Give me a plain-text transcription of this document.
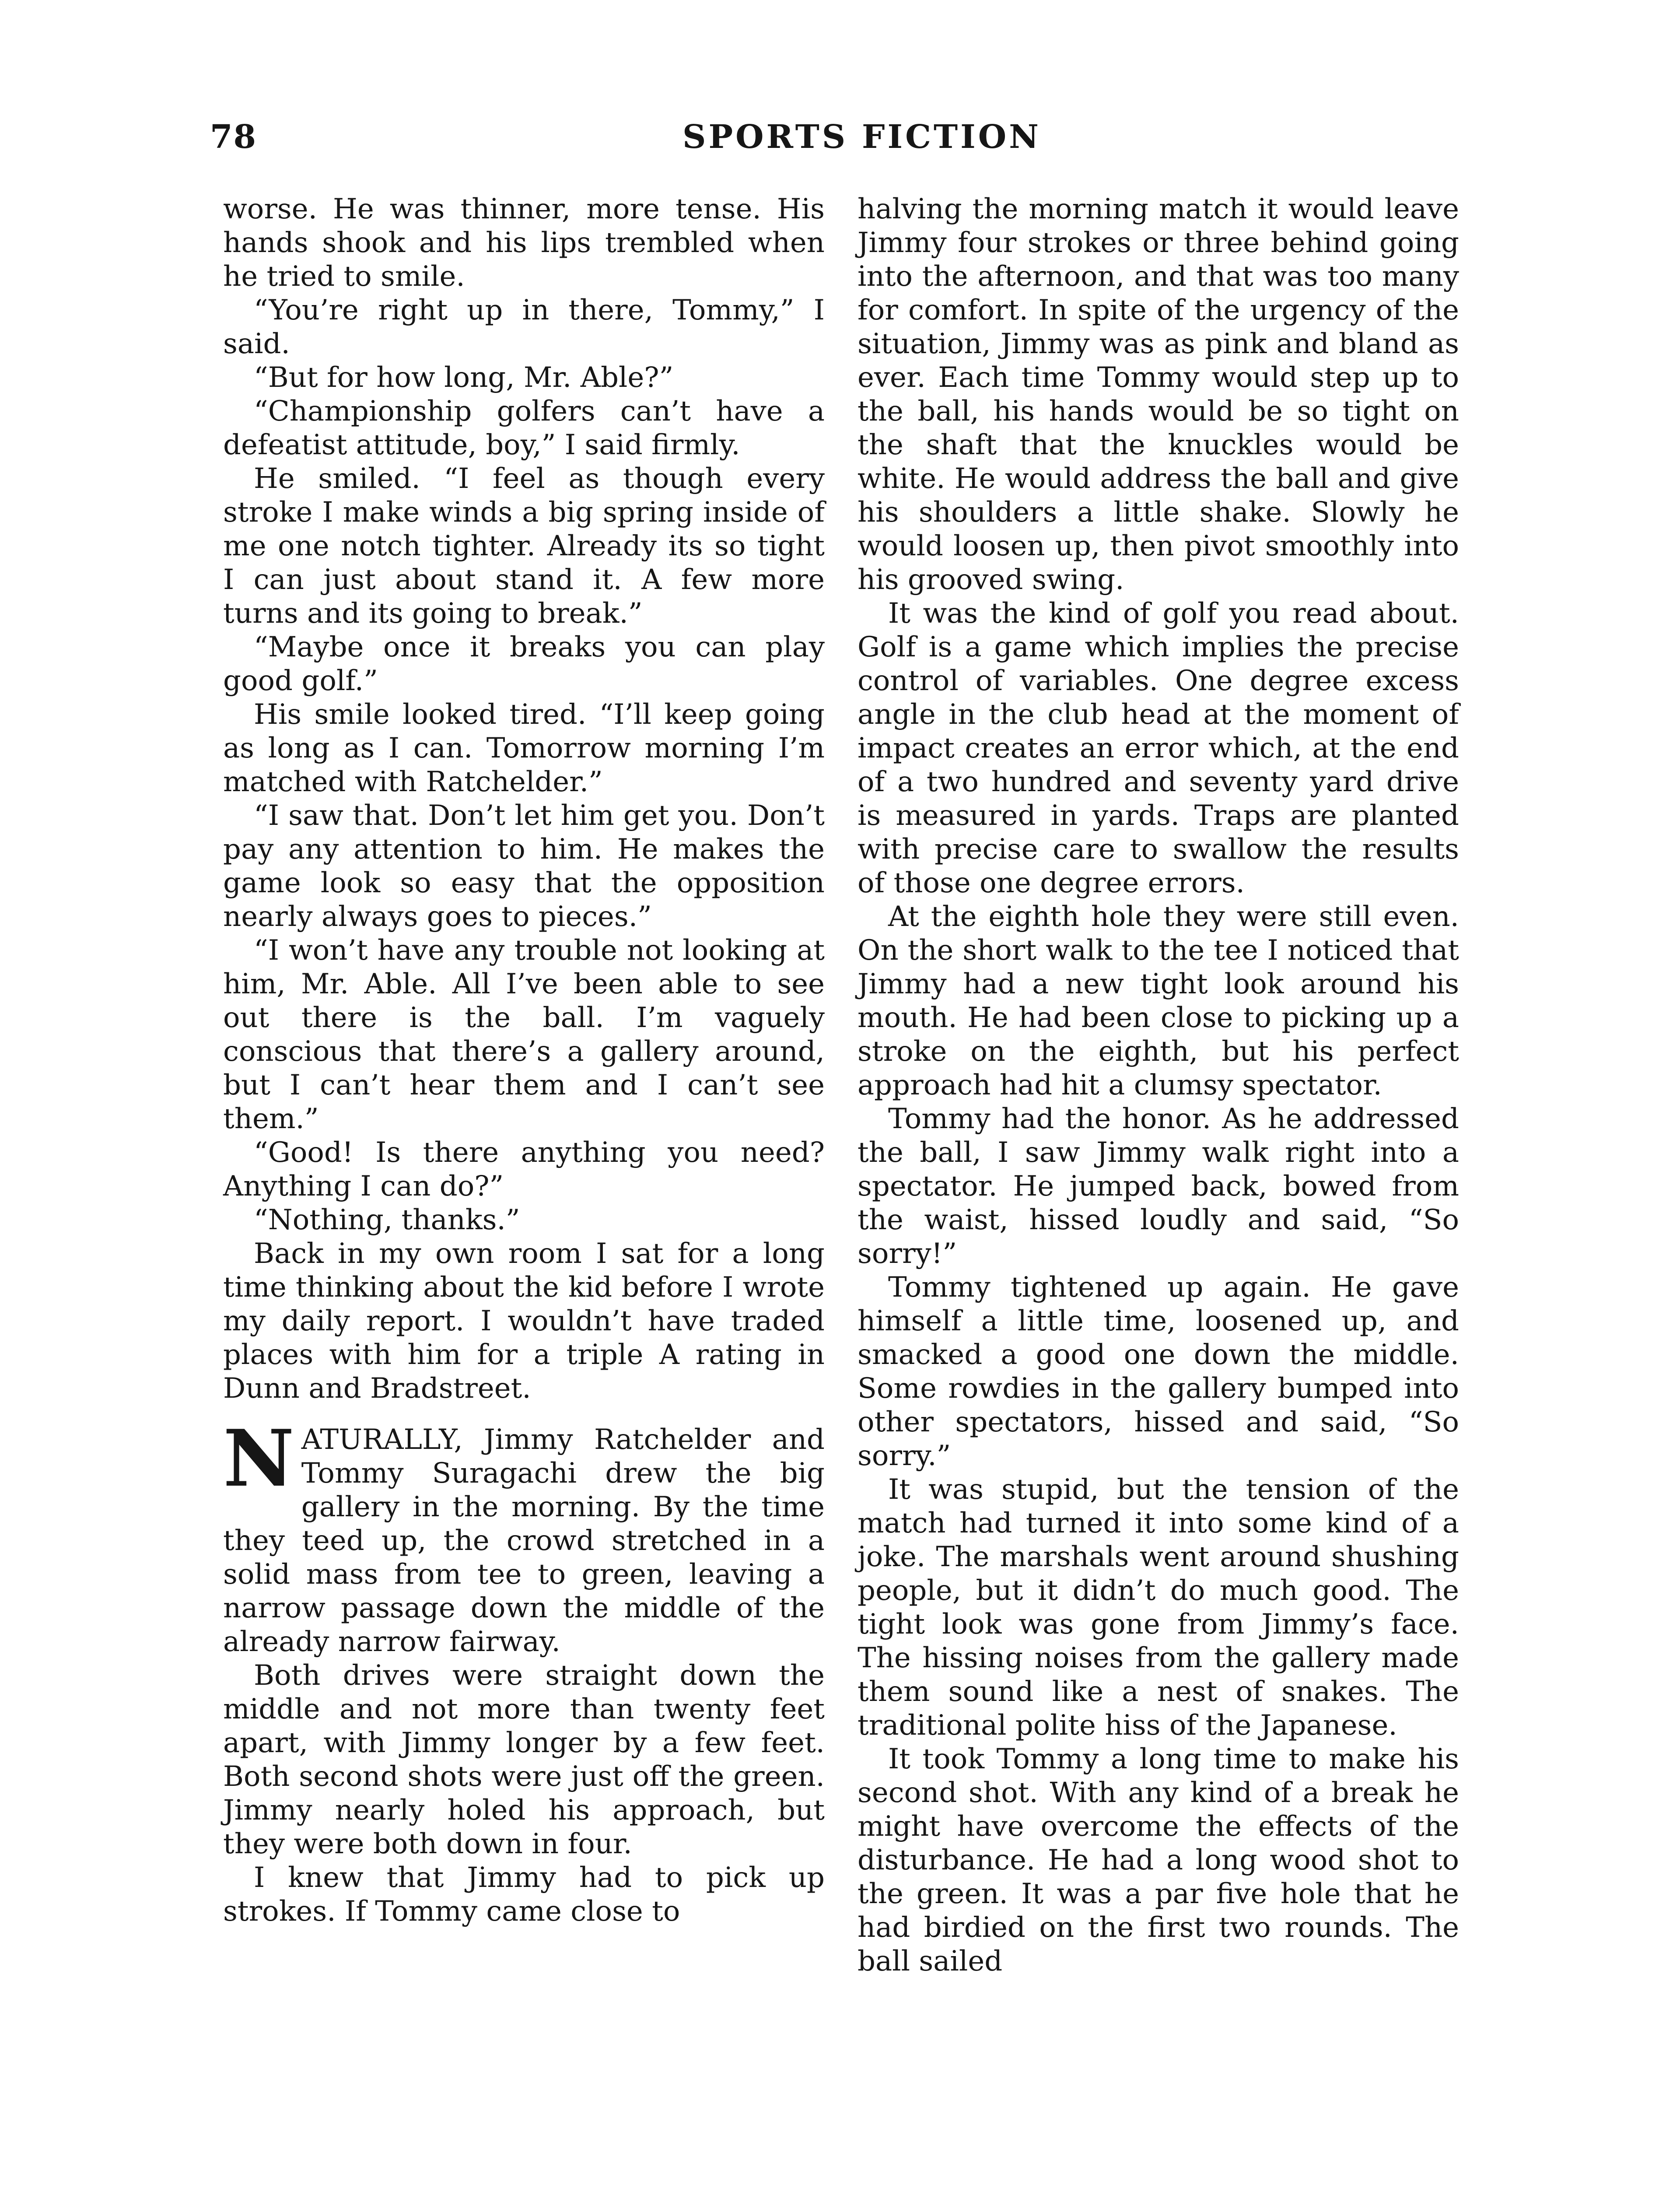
78	SPORTS FICTION

worse. He was thinner, more tense. His hands shook and his lips trembled when he tried to smile.

“You’re right up in there, Tommy,” I said.

“But for how long, Mr. Able?”

“Championship golfers can’t have a defeatist attitude, boy,” I said firmly.

He smiled. “I feel as though every stroke I make winds a big spring inside of me one notch tighter. Already its so tight I can just about stand it. A few more turns and its going to break.”

“Maybe once it breaks you can play good golf.”

His smile looked tired. “I’ll keep going as long as I can. Tomorrow morning I’m matched with Ratchelder.”

“I saw that. Don’t let him get you. Don’t pay any attention to him. He makes the game look so easy that the opposition nearly always goes to pieces.”

“I won’t have any trouble not looking at him, Mr. Able. All I’ve been able to see out there is the ball. I’m vaguely conscious that there’s a gallery around, but I can’t hear them and I can’t see them.”

“Good! Is there anything you need? Anything I can do?”

“Nothing, thanks.”

Back in my own room I sat for a long time thinking about the kid before I wrote my daily report. I wouldn’t have traded places with him for a triple A rating in Dunn and Bradstreet.

NATURALLY, Jimmy Ratchelder and Tommy Suragachi drew the big gallery in the morning. By the time they teed up, the crowd stretched in a solid mass from tee to green, leaving a narrow passage down the middle of the already narrow fairway.

Both drives were straight down the middle and not more than twenty feet apart, with Jimmy longer by a few feet. Both second shots were just off the green. Jimmy nearly holed his approach, but they were both down in four.

I knew that Jimmy had to pick up strokes. If Tommy came close to

halving the morning match it would leave Jimmy four strokes or three behind going into the afternoon, and that was too many for comfort. In spite of the urgency of the situation, Jimmy was as pink and bland as ever. Each time Tommy would step up to the ball, his hands would be so tight on the shaft that the knuckles would be white. He would address the ball and give his shoulders a little shake. Slowly he would loosen up, then pivot smoothly into his grooved swing.

It was the kind of golf you read about. Golf is a game which implies the precise control of variables. One degree excess angle in the club head at the moment of impact creates an error which, at the end of a two hundred and seventy yard drive is measured in yards. Traps are planted with precise care to swallow the results of those one degree errors.

At the eighth hole they were still even. On the short walk to the tee I noticed that Jimmy had a new tight look around his mouth. He had been close to picking up a stroke on the eighth, but his perfect approach had hit a clumsy spectator.

Tommy had the honor. As he addressed the ball, I saw Jimmy walk right into a spectator. He jumped back, bowed from the waist, hissed loudly and said, “So sorry!”

Tommy tightened up again. He gave himself a little time, loosened up, and smacked a good one down the middle. Some rowdies in the gallery bumped into other spectators, hissed and said, “So sorry.”

It was stupid, but the tension of the match had turned it into some kind of a joke. The marshals went around shushing people, but it didn’t do much good. The tight look was gone from Jimmy’s face. The hissing noises from the gallery made them sound like a nest of snakes. The traditional polite hiss of the Japanese.

It took Tommy a long time to make his second shot. With any kind of a break he might have overcome the effects of the disturbance. He had a long wood shot to the green. It was a par five hole that he had birdied on the first two rounds. The ball sailed
